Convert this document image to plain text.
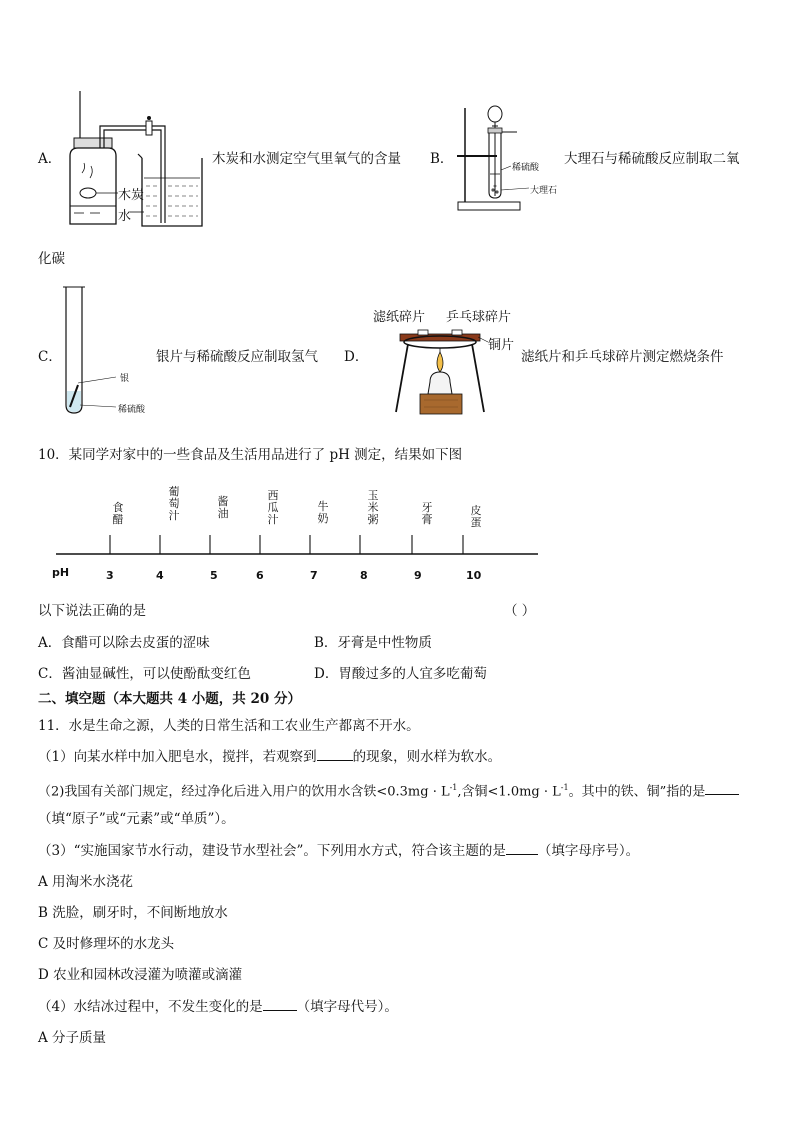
A．
木炭
水
木炭和水测定空气里氧气的含量 B．
稀硫酸
大理石
大理石与稀硫酸反应制取二氧
化碳
C．
银
稀硫酸
银片与稀硫酸反应制取氢气 D．
滤纸碎片 乒乓球碎片
铜片
滤纸片和乒乓球碎片测定燃烧条件
10．某同学对家中的一些食品及生活用品进行了 pH 测定，结果如下图
pH
食醋
葡萄汁
酱油
西瓜汁
牛奶
玉米粥
牙膏
皮蛋
3	4	5	6	7	8	9	10
以下说法正确的是	（ ）
A．食醋可以除去皮蛋的涩味	B．牙膏是中性物质
C．酱油显碱性，可以使酚酞变红色	D．胃酸过多的人宜多吃葡萄
二、填空题（本大题共 4 小题，共 20 分）
11．水是生命之源，人类的日常生活和工农业生产都离不开水。
（1）向某水样中加入肥皂水，搅拌，若观察到	的现象，则水样为软水。
（2)我国有关部门规定，经过净化后进入用户的饮用水含铁$<0.3mg \cdot L^{-1}$,含铜$<1.0mg \cdot L^{-1}$。其中的铁、铜”指的是
（填“原子”或“元素”或“单质”）。
（3）“实施国家节水行动，建设节水型社会”。下列用水方式，符合该主题的是 （填字母序号）。
A 用淘米水浇花
B 洗脸，刷牙时，不间断地放水
C 及时修理坏的水龙头
D 农业和园林改浸灌为喷灌或滴灌
（4）水结冰过程中，不发生变化的是	（填字母代号）。
A 分子质量
